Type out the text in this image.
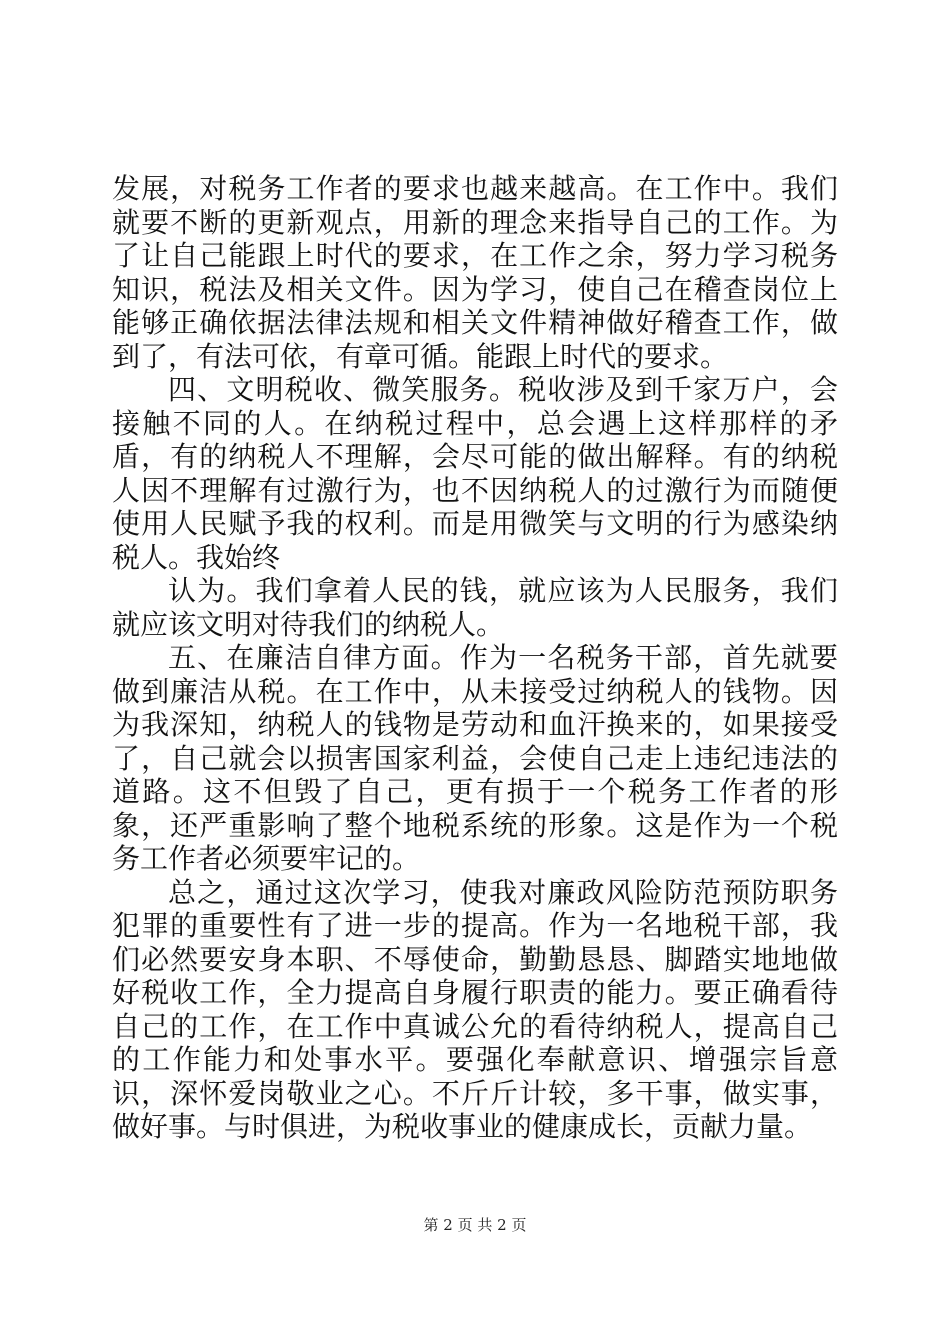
发展，对税务工作者的要求也越来越高。在工作中。我们就要不断的更新观点，用新的理念来指导自己的工作。为了让自己能跟上时代的要求，在工作之余，努力学习税务知识，税法及相关文件。因为学习，使自己在稽查岗位上能够正确依据法律法规和相关文件精神做好稽查工作，做到了，有法可依，有章可循。能跟上时代的要求。

四、文明税收、微笑服务。税收涉及到千家万户，会接触不同的人。在纳税过程中，总会遇上这样那样的矛盾，有的纳税人不理解，会尽可能的做出解释。有的纳税人因不理解有过激行为，也不因纳税人的过激行为而随便使用人民赋予我的权利。而是用微笑与文明的行为感染纳税人。我始终

认为。我们拿着人民的钱，就应该为人民服务，我们就应该文明对待我们的纳税人。

五、在廉洁自律方面。作为一名税务干部，首先就要做到廉洁从税。在工作中，从未接受过纳税人的钱物。因为我深知，纳税人的钱物是劳动和血汗换来的，如果接受了，自己就会以损害国家利益，会使自己走上违纪违法的道路。这不但毁了自己，更有损于一个税务工作者的形象，还严重影响了整个地税系统的形象。这是作为一个税务工作者必须要牢记的。

总之，通过这次学习，使我对廉政风险防范预防职务犯罪的重要性有了进一步的提高。作为一名地税干部，我们必然要安身本职、不辱使命，勤勤恳恳、脚踏实地地做好税收工作，全力提高自身履行职责的能力。要正确看待自己的工作，在工作中真诚公允的看待纳税人，提高自己的工作能力和处事水平。要强化奉献意识、增强宗旨意识，深怀爱岗敬业之心。不斤斤计较，多干事，做实事，做好事。与时俱进，为税收事业的健康成长，贡献力量。

第 2 页 共 2 页
